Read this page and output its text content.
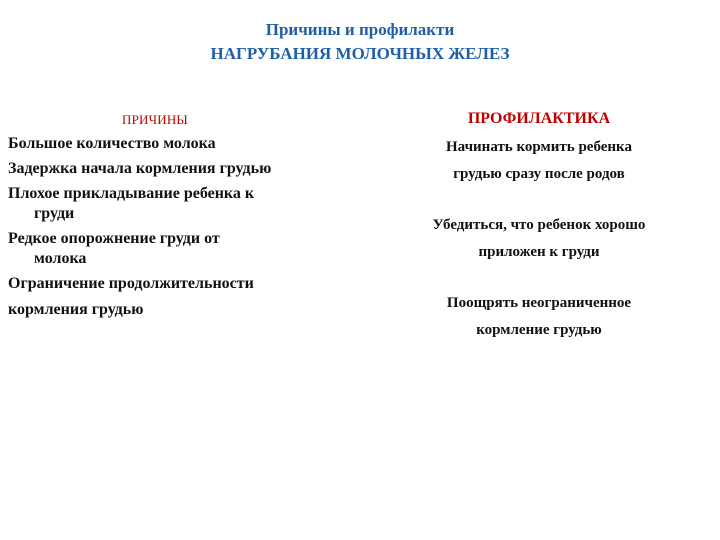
Причины и профилакти
НАГРУБАНИЯ МОЛОЧНЫХ ЖЕЛЕЗ
ПРИЧИНЫ
Большое количество молока
Задержка начала кормления грудью
Плохое прикладывание ребенка к
груди
Редкое опорожнение груди от
молока
Ограничение продолжительности
кормления грудью
ПРОФИЛАКТИКА
Начинать кормить ребенка
грудью сразу после родов
Убедиться, что ребенок хорошо
приложен к груди
Поощрять неограниченное
кормление грудью
